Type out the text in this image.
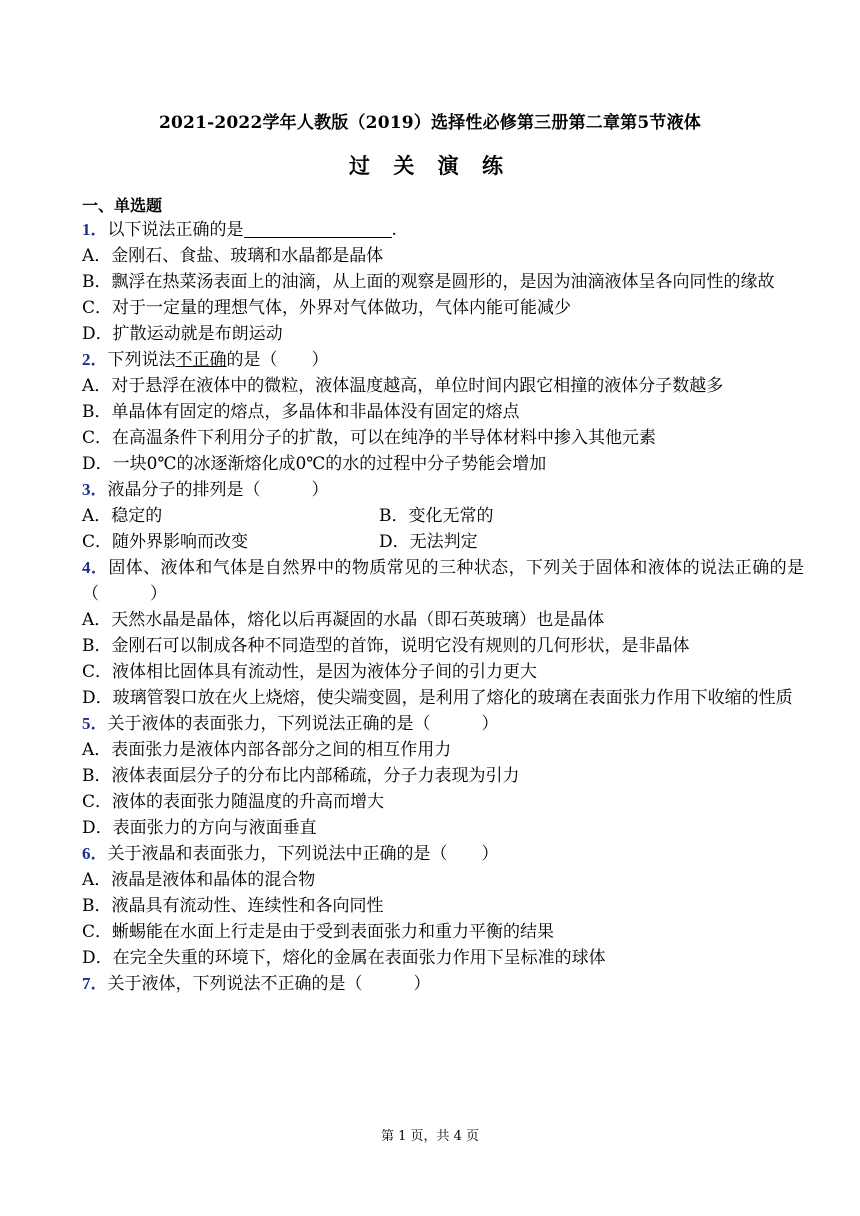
2021-2022学年人教版（2019）选择性必修第三册第二章第5节液体
过 关 演 练
一、单选题

1．以下说法正确的是	.

A．金刚石、食盐、玻璃和水晶都是晶体

B．飘浮在热菜汤表面上的油滴，从上面的观察是圆形的，是因为油滴液体呈各向同性的缘故

C．对于一定量的理想气体，外界对气体做功，气体内能可能减少

D．扩散运动就是布朗运动

2．下列说法不正确的是（　　）

A．对于悬浮在液体中的微粒，液体温度越高，单位时间内跟它相撞的液体分子数越多

B．单晶体有固定的熔点，多晶体和非晶体没有固定的熔点

C．在高温条件下利用分子的扩散，可以在纯净的半导体材料中掺入其他元素

D．一块0℃的冰逐渐熔化成0℃的水的过程中分子势能会增加

3．液晶分子的排列是（　　　）

A．稳定的	B．变化无常的

C．随外界影响而改变	D．无法判定

4．固体、液体和气体是自然界中的物质常见的三种状态，下列关于固体和液体的说法正确的是（　　　）

A．天然水晶是晶体，熔化以后再凝固的水晶（即石英玻璃）也是晶体

B．金刚石可以制成各种不同造型的首饰，说明它没有规则的几何形状，是非晶体

C．液体相比固体具有流动性，是因为液体分子间的引力更大

D．玻璃管裂口放在火上烧熔，使尖端变圆，是利用了熔化的玻璃在表面张力作用下收缩的性质

5．关于液体的表面张力，下列说法正确的是（　　　）

A．表面张力是液体内部各部分之间的相互作用力

B．液体表面层分子的分布比内部稀疏，分子力表现为引力

C．液体的表面张力随温度的升高而增大

D．表面张力的方向与液面垂直

6．关于液晶和表面张力，下列说法中正确的是（　　）

A．液晶是液体和晶体的混合物

B．液晶具有流动性、连续性和各向同性

C．蜥蜴能在水面上行走是由于受到表面张力和重力平衡的结果

D．在完全失重的环境下，熔化的金属在表面张力作用下呈标准的球体

7．关于液体，下列说法不正确的是（　　　）

第 1 页，共 4 页
